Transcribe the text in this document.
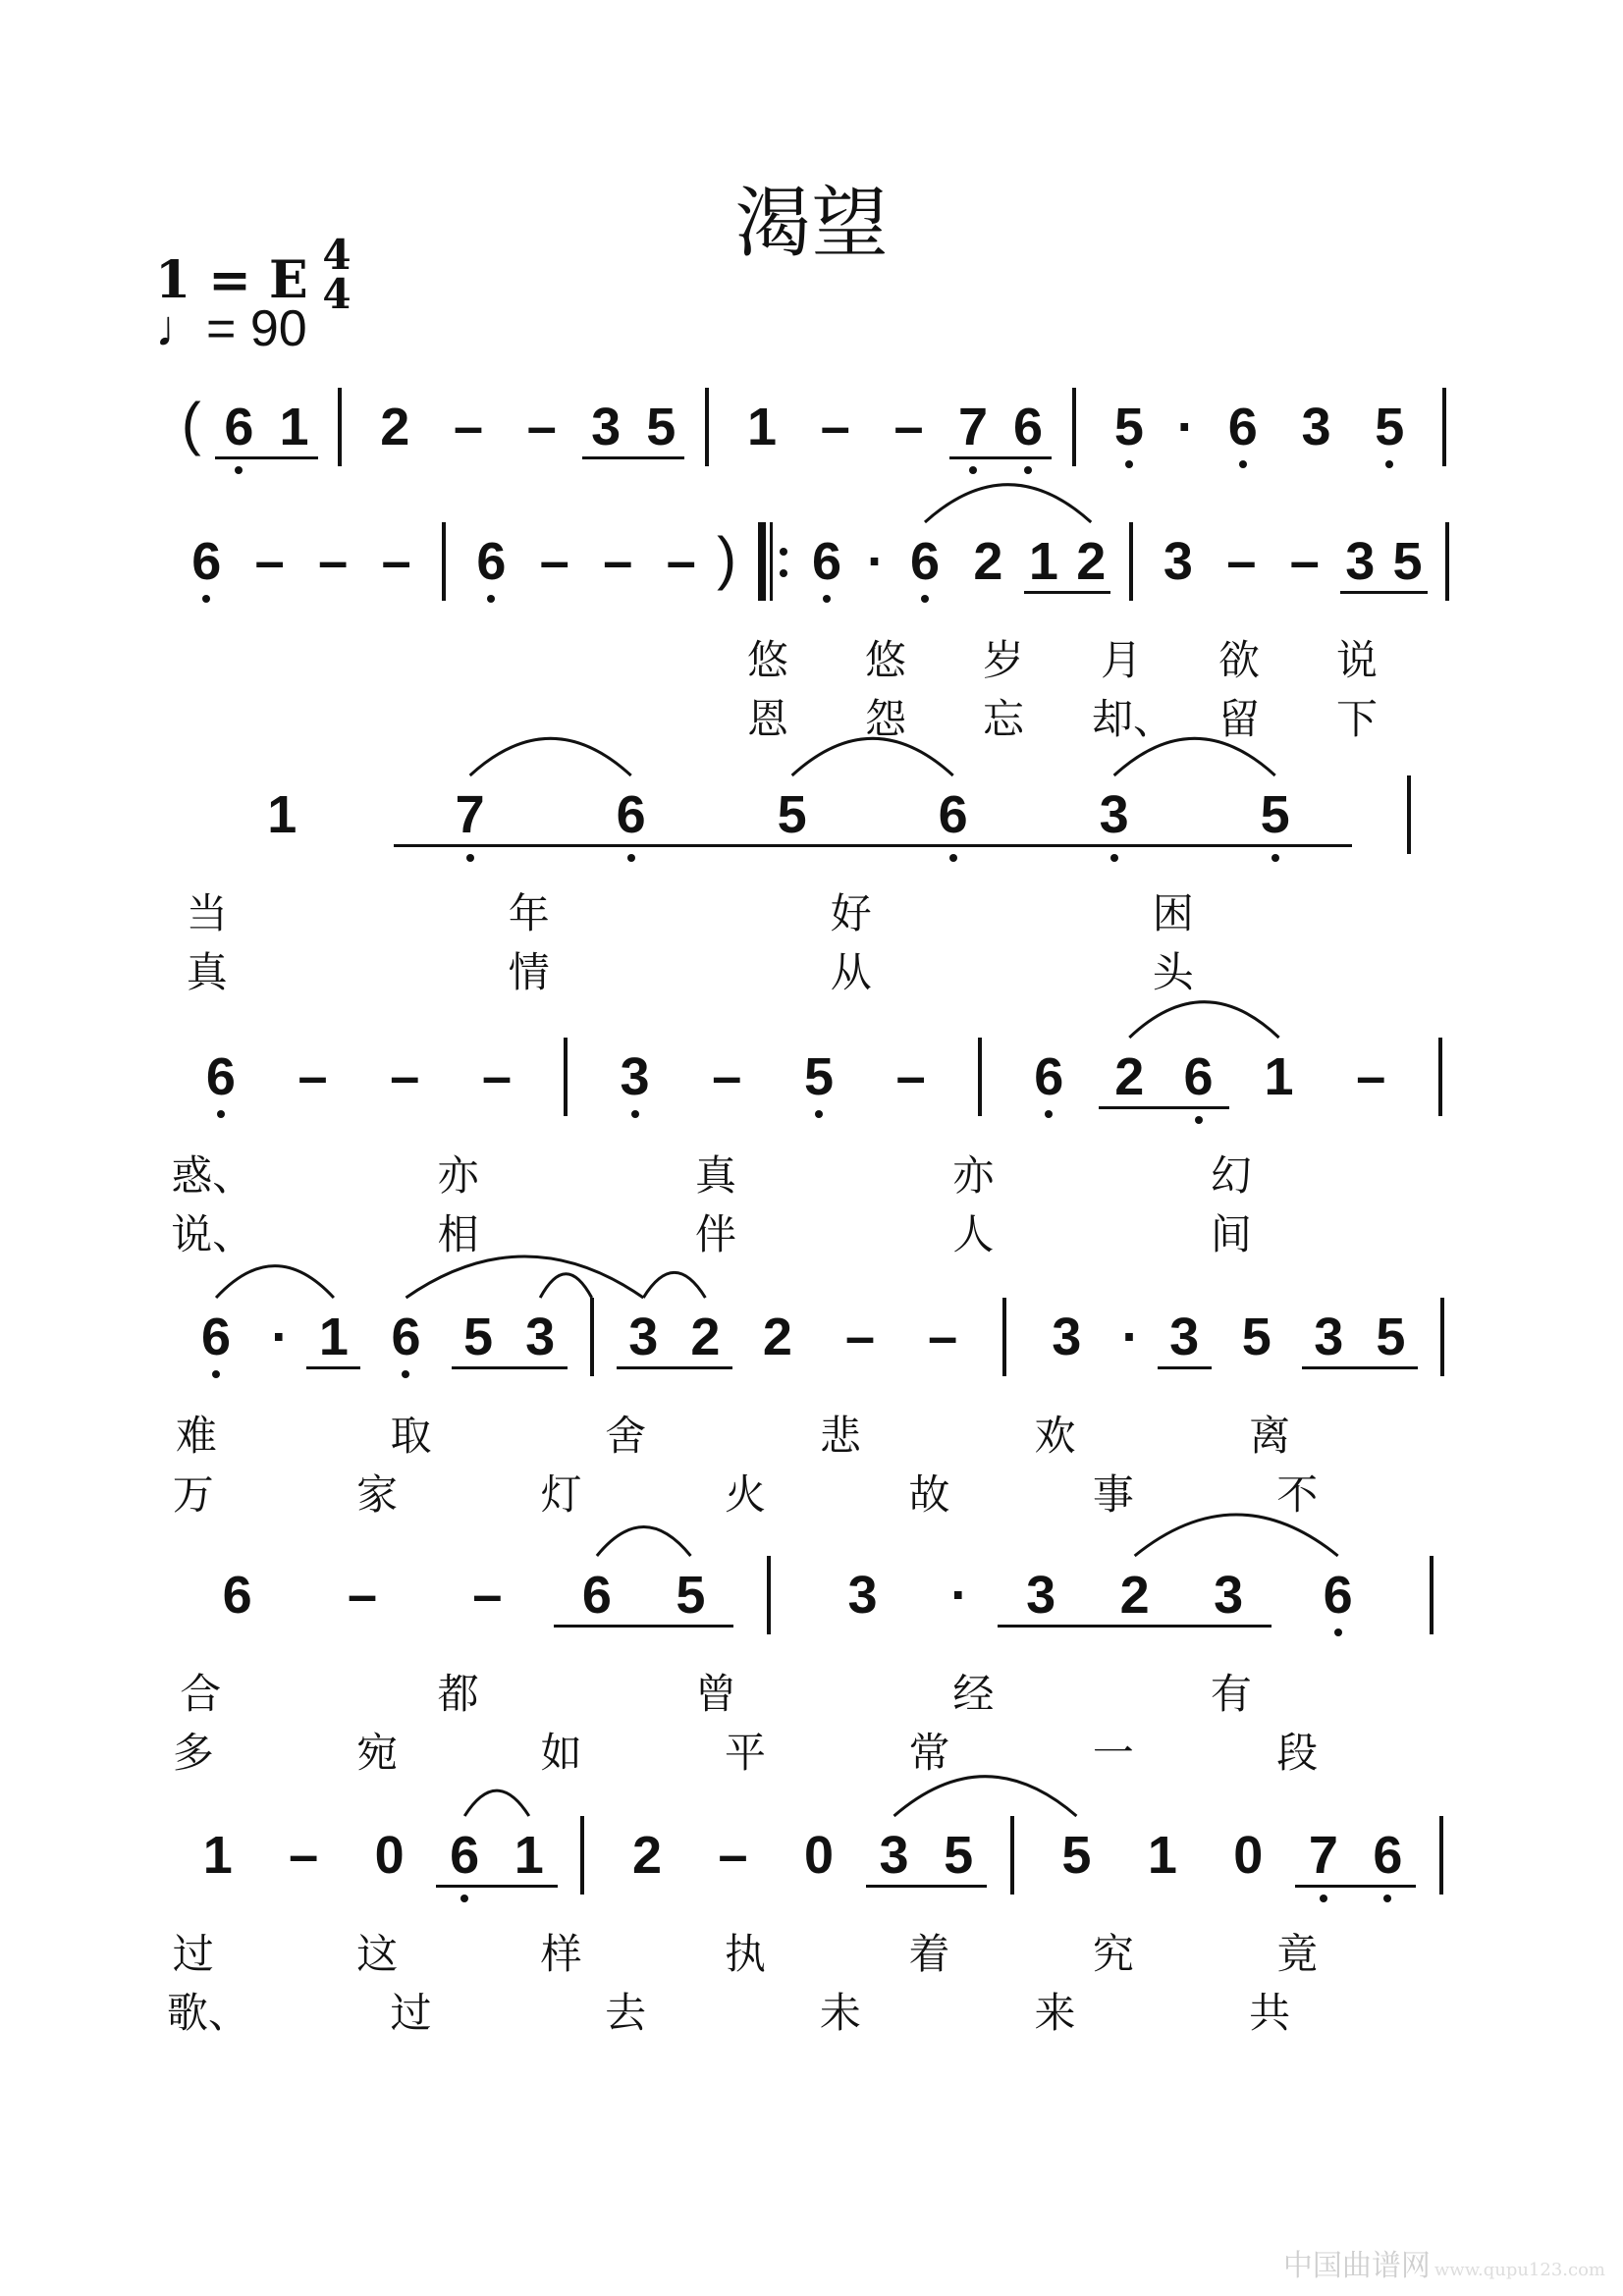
渴望
1 = E
♩= 90
4
4
( 6 1 2 – – 3 5 1 – – 7 6 5 · 6 3 5
6 – – – 6 – – – ) 6 · 6 2 1 2 3 – – 3 5
悠 悠 岁 月 欲 说
恩 怨 忘 却、 留 下
1	7 6 5 6 3 5
当	年	好	困
真	情	从	头
6 – – – 3 – 5 – 6 2 6 1 –
惑、	亦	真	亦	幻
说、	相	伴	人	间
6 · 1 6 5 3 3 2 2 – – 3 · 3 5 3 5
难	取	舍	悲	欢	离
万	家	灯	火	故	事	不
6 – – 6 5	3	·	3 2 3 6
合	都	曾	经	有
多	宛	如	平	常	一	段
1 – 0 6 1 2 – 0 3 5 5 1 0 7 6
过	这	样	执	着	究	竟
歌、	过	去	未	来	共
中国曲谱网 www.qupu123.com
